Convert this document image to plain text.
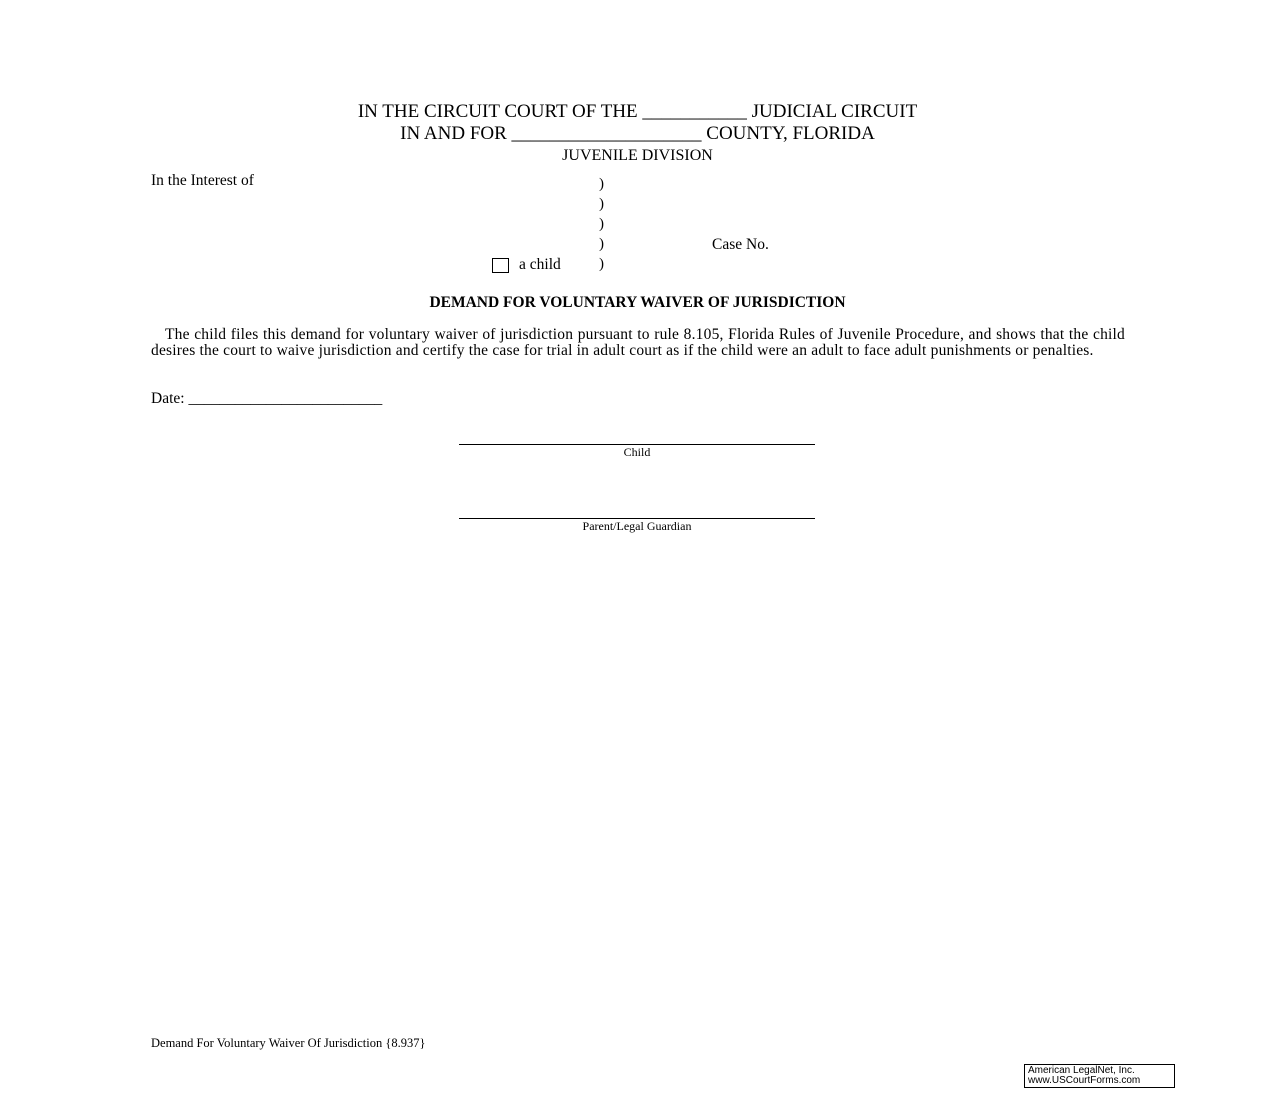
IN THE CIRCUIT COURT OF THE ___________ JUDICIAL CIRCUIT
IN AND FOR ____________________ COUNTY, FLORIDA
JUVENILE DIVISION
In the Interest of	)
)
)
)
)
Case No.
a child
DEMAND FOR VOLUNTARY WAIVER OF JURISDICTION
The child files this demand for voluntary waiver of jurisdiction pursuant to rule 8.105, Florida Rules of Juvenile Procedure, and shows that the child desires the court to waive jurisdiction and certify the case for trial in adult court as if the child were an adult to face adult punishments or penalties.
Date: _________________________
Child
Parent/Legal Guardian
Demand For Voluntary Waiver Of Jurisdiction {8.937}
American LegalNet, Inc.
www.USCourtForms.com
